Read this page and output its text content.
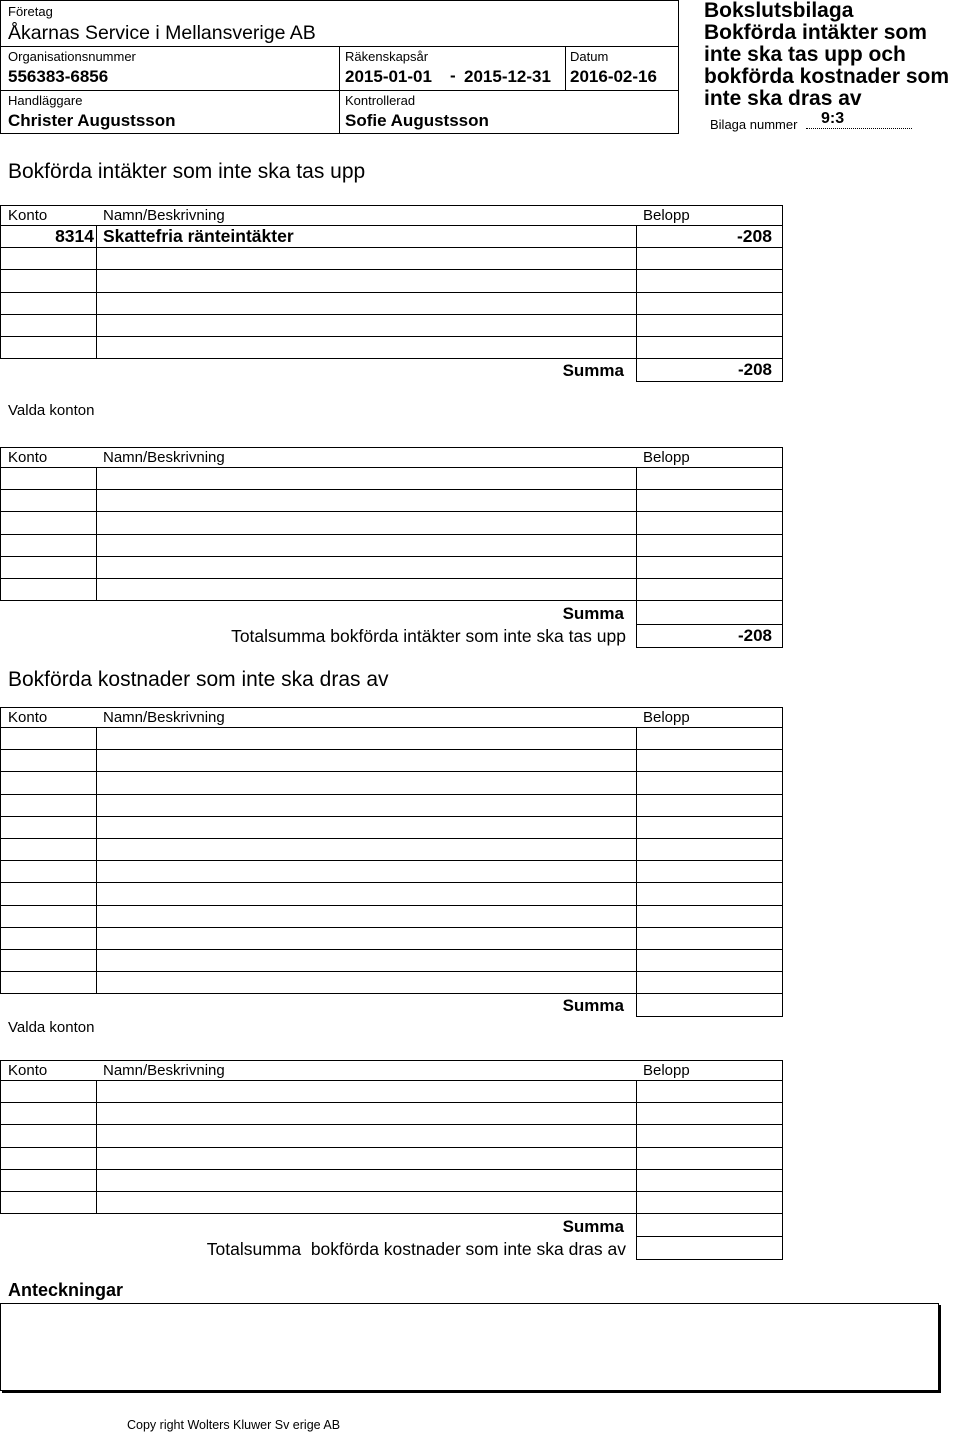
Företag
Åkarnas Service i Mellansverige AB
Organisationsnummer
556383-6856
Räkenskapsår
2015-01-01 - 2015-12-31
Datum
2016-02-16
Handläggare
Christer Augustsson
Kontrollerad
Sofie Augustsson
Bokslutsbilaga
Bokförda intäkter som
inte ska tas upp och
bokförda kostnader som
inte ska dras av
Bilaga nummer 9:3
Bokförda intäkter som inte ska tas upp
Konto	Namn/Beskrivning	Belopp
8314 Skattefria ränteintäkter	-208
Summa	-208
Valda konton
Konto	Namn/Beskrivning	Belopp
Summa
Totalsumma bokförda intäkter som inte ska tas upp	-208
Bokförda kostnader som inte ska dras av
Konto	Namn/Beskrivning	Belopp
Summa
Valda konton
Konto	Namn/Beskrivning	Belopp
Summa
Totalsumma  bokförda kostnader som inte ska dras av
Anteckningar
Copy right Wolters Kluwer Sv erige AB
